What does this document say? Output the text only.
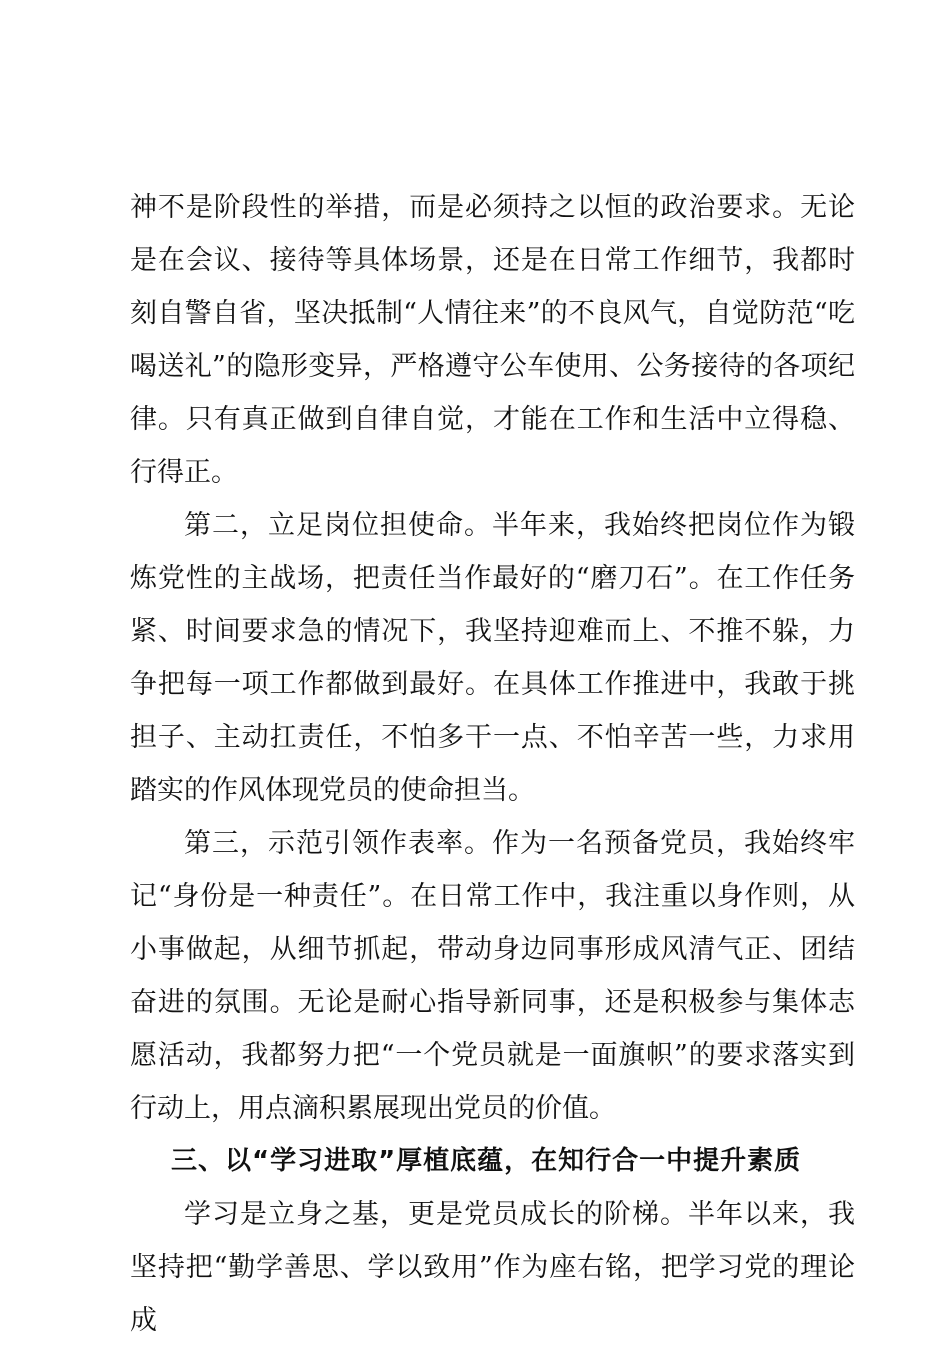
神不是阶段性的举措，而是必须持之以恒的政治要求。无论是在会议、接待等具体场景，还是在日常工作细节，我都时刻自警自省，坚决抵制“人情往来”的不良风气，自觉防范“吃喝送礼”的隐形变异，严格遵守公车使用、公务接待的各项纪律。只有真正做到自律自觉，才能在工作和生活中立得稳、行得正。

第二，立足岗位担使命。半年来，我始终把岗位作为锻炼党性的主战场，把责任当作最好的“磨刀石”。在工作任务紧、时间要求急的情况下，我坚持迎难而上、不推不躲，力争把每一项工作都做到最好。在具体工作推进中，我敢于挑担子、主动扛责任，不怕多干一点、不怕辛苦一些，力求用踏实的作风体现党员的使命担当。

第三，示范引领作表率。作为一名预备党员，我始终牢记“身份是一种责任”。在日常工作中，我注重以身作则，从小事做起，从细节抓起，带动身边同事形成风清气正、团结奋进的氛围。无论是耐心指导新同事，还是积极参与集体志愿活动，我都努力把“一个党员就是一面旗帜”的要求落实到行动上，用点滴积累展现出党员的价值。

三、以“学习进取”厚植底蕴，在知行合一中提升素质

学习是立身之基，更是党员成长的阶梯。半年以来，我坚持把“勤学善思、学以致用”作为座右铭，把学习党的理论成
